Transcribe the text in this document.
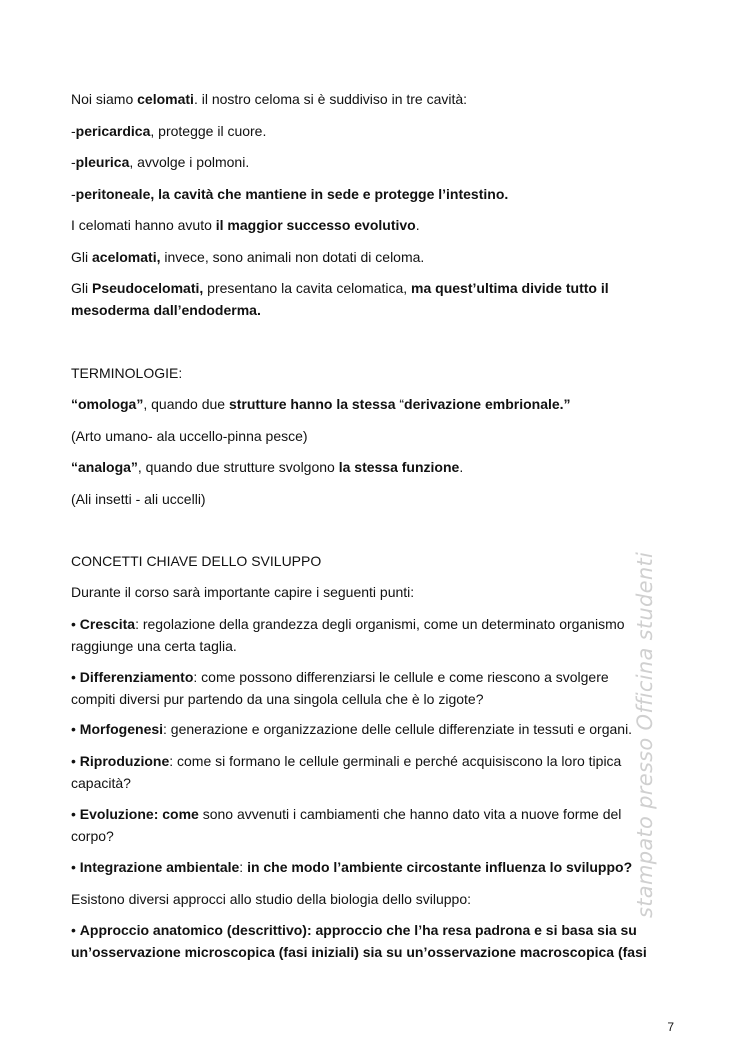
Noi siamo celomati. il nostro celoma si è suddiviso in tre cavità:
-pericardica, protegge il cuore.
-pleurica, avvolge i polmoni.
-peritoneale, la cavità che mantiene in sede e protegge l’intestino.
I celomati hanno avuto il maggior successo evolutivo.
Gli acelomati, invece, sono animali non dotati di celoma.
Gli Pseudocelomati, presentano la cavita celomatica, ma quest’ultima divide tutto il
mesoderma dall’endoderma.
TERMINOLOGIE:
“omologa”, quando due strutture hanno la stessa “derivazione embrionale.”
(Arto umano- ala uccello-pinna pesce)
“analoga”, quando due strutture svolgono la stessa funzione.
(Ali insetti - ali uccelli)
CONCETTI CHIAVE DELLO SVILUPPO
Durante il corso sarà importante capire i seguenti punti:
• Crescita: regolazione della grandezza degli organismi, come un determinato organismo
raggiunge una certa taglia.
• Differenziamento: come possono differenziarsi le cellule e come riescono a svolgere
compiti diversi pur partendo da una singola cellula che è lo zigote?
• Morfogenesi: generazione e organizzazione delle cellule differenziate in tessuti e organi.
• Riproduzione: come si formano le cellule germinali e perché acquisiscono la loro tipica
capacità?
• Evoluzione: come sono avvenuti i cambiamenti che hanno dato vita a nuove forme del
corpo?
• Integrazione ambientale: in che modo l’ambiente circostante influenza lo sviluppo?
Esistono diversi approcci allo studio della biologia dello sviluppo:
• Approccio anatomico (descrittivo): approccio che l’ha resa padrona e si basa sia su
un’osservazione microscopica (fasi iniziali) sia su un’osservazione macroscopica (fasi
stampato presso Officina studenti
7
